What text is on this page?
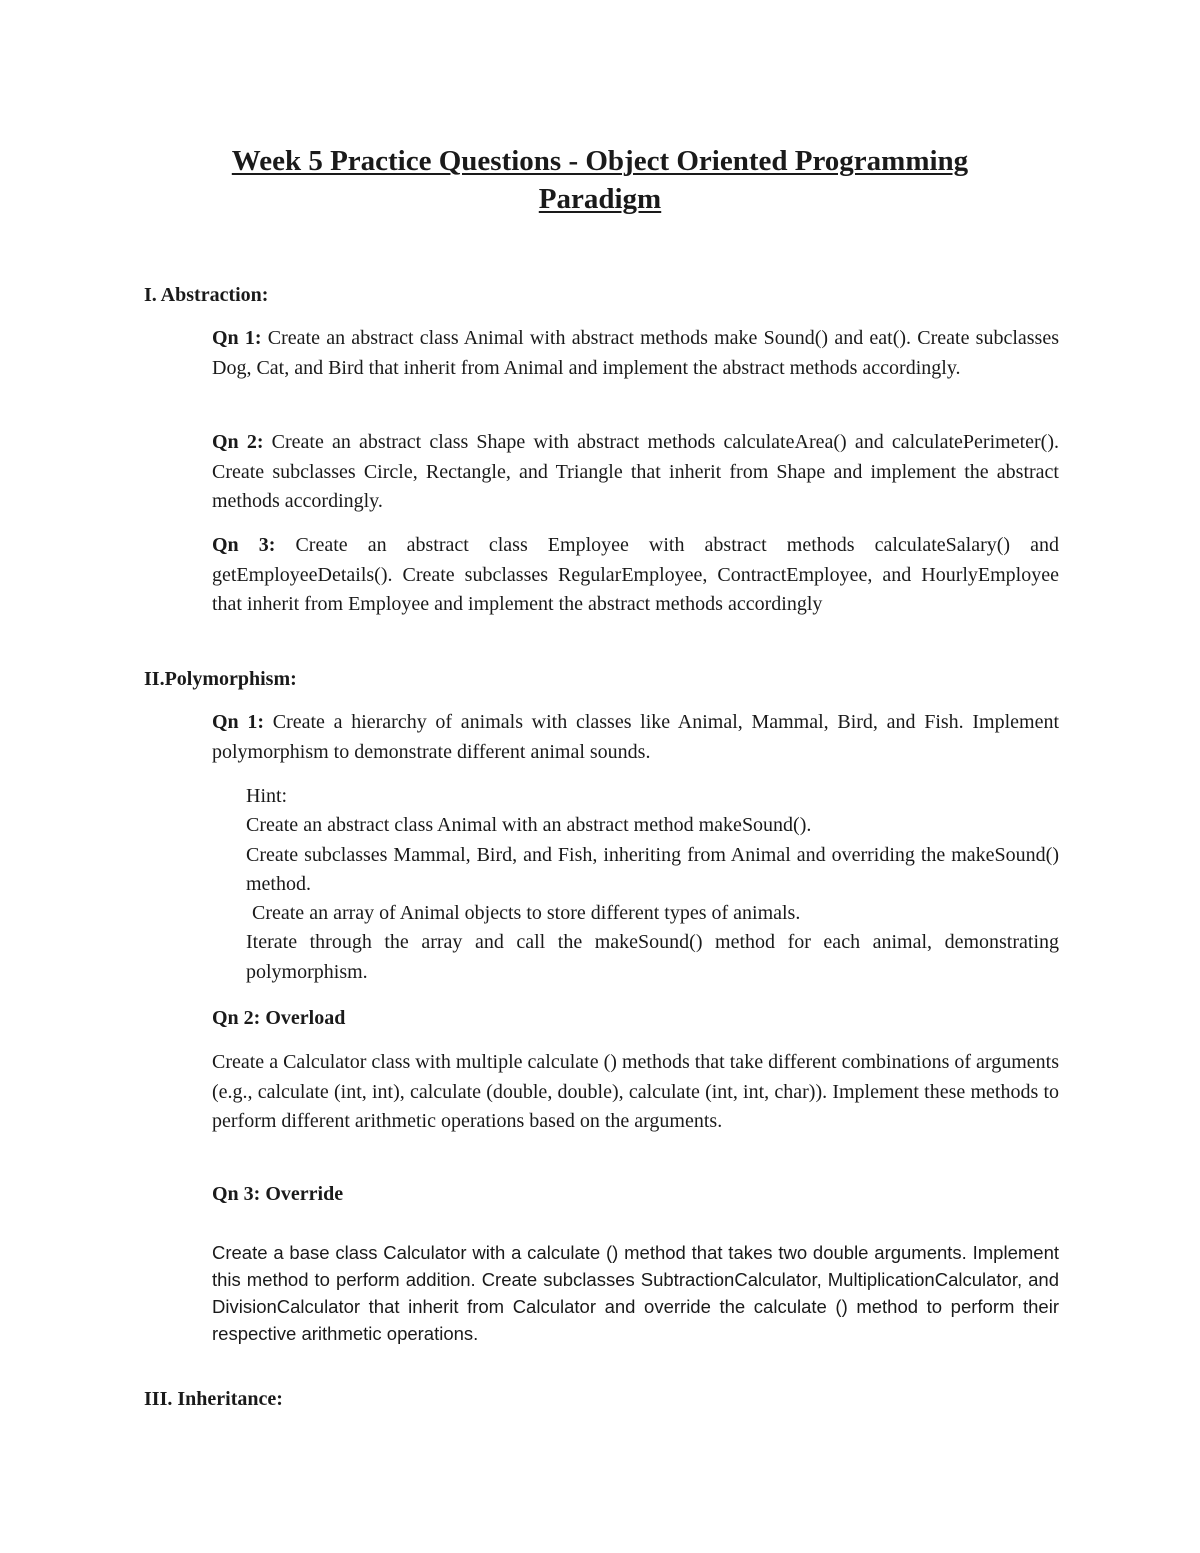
Week 5 Practice Questions - Object Oriented Programming
Paradigm
I. Abstraction:
Qn 1: Create an abstract class Animal with abstract methods make Sound() and eat(). Create subclasses Dog, Cat, and Bird that inherit from Animal and implement the abstract methods accordingly.
Qn 2: Create an abstract class Shape with abstract methods calculateArea() and calculatePerimeter(). Create subclasses Circle, Rectangle, and Triangle that inherit from Shape and implement the abstract methods accordingly.
Qn 3: Create an abstract class Employee with abstract methods calculateSalary() and getEmployeeDetails(). Create subclasses RegularEmployee, ContractEmployee, and HourlyEmployee that inherit from Employee and implement the abstract methods accordingly
II.Polymorphism:
Qn 1: Create a hierarchy of animals with classes like Animal, Mammal, Bird, and Fish. Implement polymorphism to demonstrate different animal sounds.
Hint:
Create an abstract class Animal with an abstract method makeSound().
Create subclasses Mammal, Bird, and Fish, inheriting from Animal and overriding the makeSound() method.
Create an array of Animal objects to store different types of animals.
Iterate through the array and call the makeSound() method for each animal, demonstrating polymorphism.
Qn 2: Overload
Create a Calculator class with multiple calculate () methods that take different combinations of arguments (e.g., calculate (int, int), calculate (double, double), calculate (int, int, char)). Implement these methods to perform different arithmetic operations based on the arguments.
Qn 3: Override
Create a base class Calculator with a calculate () method that takes two double arguments. Implement this method to perform addition. Create subclasses SubtractionCalculator, MultiplicationCalculator, and DivisionCalculator that inherit from Calculator and override the calculate () method to perform their respective arithmetic operations.
III. Inheritance:
